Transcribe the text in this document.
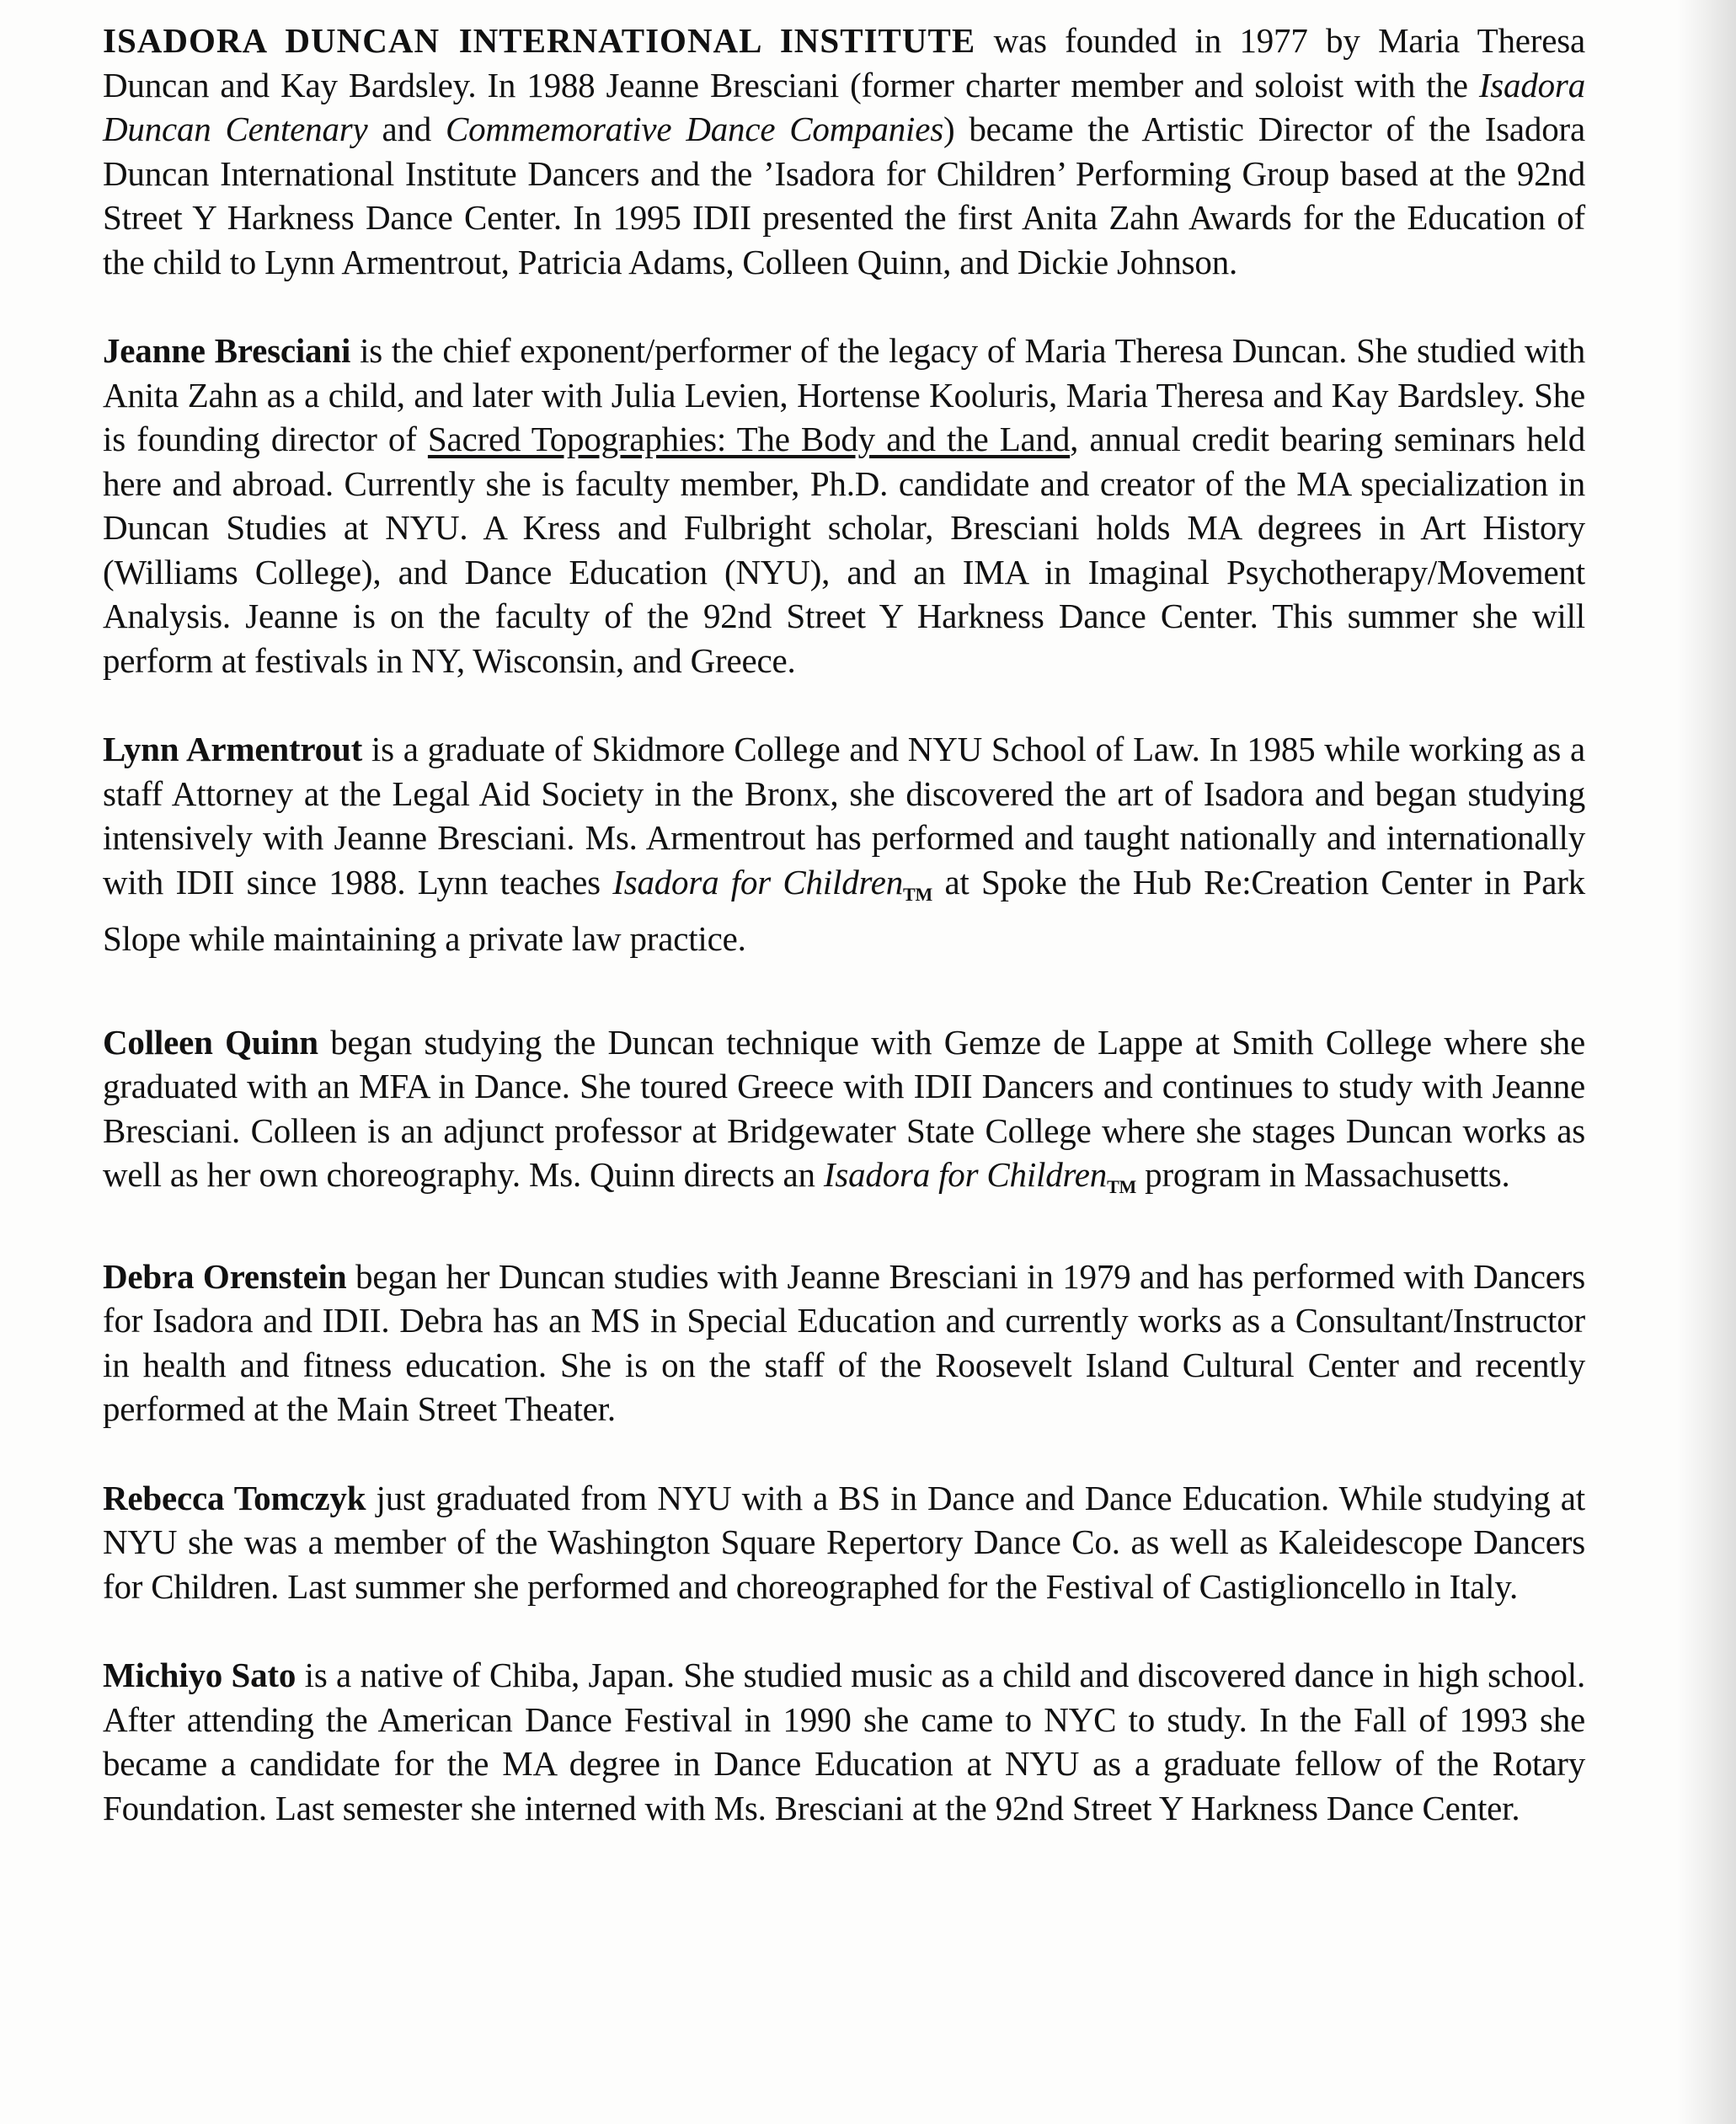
ISADORA DUNCAN INTERNATIONAL INSTITUTE was founded in 1977 by Maria Theresa Duncan and Kay Bardsley. In 1988 Jeanne Bresciani (former charter member and soloist with the Isadora Duncan Centenary and Commemorative Dance Companies) became the Artistic Director of the Isadora Duncan International Institute Dancers and the ’Isadora for Children’ Performing Group based at the 92nd Street Y Harkness Dance Center. In 1995 IDII presented the first Anita Zahn Awards for the Education of the child to Lynn Armentrout, Patricia Adams, Colleen Quinn, and Dickie Johnson.

Jeanne Bresciani is the chief exponent/performer of the legacy of Maria Theresa Duncan. She studied with Anita Zahn as a child, and later with Julia Levien, Hortense Kooluris, Maria Theresa and Kay Bardsley. She is founding director of Sacred Topographies: The Body and the Land, annual credit bearing seminars held here and abroad. Currently she is faculty member, Ph.D. candidate and creator of the MA specialization in Duncan Studies at NYU. A Kress and Fulbright scholar, Bresciani holds MA degrees in Art History (Williams College), and Dance Education (NYU), and an IMA in Imaginal Psychotherapy/Movement Analysis. Jeanne is on the faculty of the 92nd Street Y Harkness Dance Center. This summer she will perform at festivals in NY, Wisconsin, and Greece.

Lynn Armentrout is a graduate of Skidmore College and NYU School of Law. In 1985 while working as a staff Attorney at the Legal Aid Society in the Bronx, she discovered the art of Isadora and began studying intensively with Jeanne Bresciani. Ms. Armentrout has performed and taught nationally and internationally with IDII since 1988. Lynn teaches Isadora for ChildrenTM at Spoke the Hub Re:Creation Center in Park Slope while maintaining a private law practice.

Colleen Quinn began studying the Duncan technique with Gemze de Lappe at Smith College where she graduated with an MFA in Dance. She toured Greece with IDII Dancers and continues to study with Jeanne Bresciani. Colleen is an adjunct professor at Bridgewater State College where she stages Duncan works as well as her own choreography. Ms. Quinn directs an Isadora for ChildrenTM program in Massachusetts.

Debra Orenstein began her Duncan studies with Jeanne Bresciani in 1979 and has performed with Dancers for Isadora and IDII. Debra has an MS in Special Education and currently works as a Consultant/Instructor in health and fitness education. She is on the staff of the Roosevelt Island Cultural Center and recently performed at the Main Street Theater.

Rebecca Tomczyk just graduated from NYU with a BS in Dance and Dance Education. While studying at NYU she was a member of the Washington Square Repertory Dance Co. as well as Kaleidescope Dancers for Children. Last summer she performed and choreographed for the Festival of Castiglioncello in Italy.

Michiyo Sato is a native of Chiba, Japan. She studied music as a child and discovered dance in high school. After attending the American Dance Festival in 1990 she came to NYC to study. In the Fall of 1993 she became a candidate for the MA degree in Dance Education at NYU as a graduate fellow of the Rotary Foundation. Last semester she interned with Ms. Bresciani at the 92nd Street Y Harkness Dance Center.
